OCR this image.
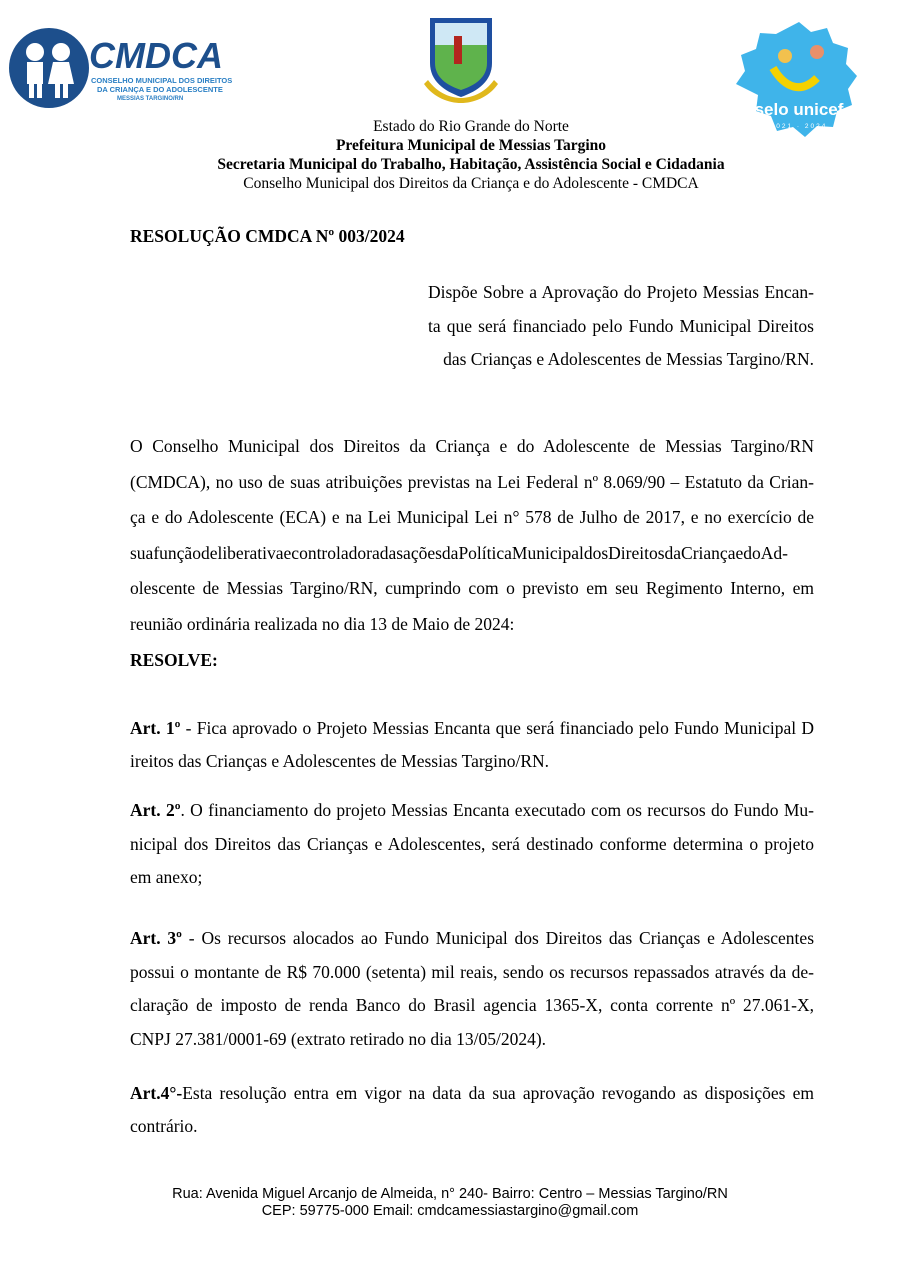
CMDCA
CONSELHO MUNICIPAL DOS DIREITOS
DA CRIANÇA E DO ADOLESCENTE
MESSIAS TARGINO/RN
selo unicef
2021 · 2024
Estado do Rio Grande do Norte
Prefeitura Municipal de Messias Targino
Secretaria Municipal do Trabalho, Habitação, Assistência Social e Cidadania
Conselho Municipal dos Direitos da Criança e do Adolescente - CMDCA
RESOLUÇÃO CMDCA Nº 003/2024
Dispõe Sobre a Aprovação do Projeto Messias Encan-
ta que será financiado pelo Fundo Municipal Direitos
das Crianças e Adolescentes de Messias Targino/RN.
O Conselho Municipal dos Direitos da Criança e do Adolescente de Messias Targino/RN
(CMDCA), no uso de suas atribuições previstas na Lei Federal nº 8.069/90 – Estatuto da Crian-
ça e do Adolescente (ECA) e na Lei Municipal Lei n° 578 de Julho de 2017, e no exercício de
suafunçãodeliberativaecontroladoradasaçõesdaPolíticaMunicipaldosDireitosdaCriançaedoAd-
olescente de Messias Targino/RN, cumprindo com o previsto em seu Regimento Interno, em
reunião ordinária realizada no dia 13 de Maio de 2024:
RESOLVE:
Art. 1º - Fica aprovado o Projeto Messias Encanta que será financiado pelo Fundo Municipal D
ireitos das Crianças e Adolescentes de Messias Targino/RN.
Art. 2º. O financiamento do projeto Messias Encanta executado com os recursos do Fundo Mu-
nicipal dos Direitos das Crianças e Adolescentes, será destinado conforme determina o projeto
em anexo;
Art. 3º - Os recursos alocados ao Fundo Municipal dos Direitos das Crianças e Adolescentes
possui o montante de R$ 70.000 (setenta) mil reais, sendo os recursos repassados através da de-
claração de imposto de renda Banco do Brasil agencia 1365-X, conta corrente nº 27.061-X,
CNPJ 27.381/0001-69 (extrato retirado no dia 13/05/2024).
Art.4°-Esta resolução entra em vigor na data da sua aprovação revogando as disposições em
contrário.
Rua: Avenida Miguel Arcanjo de Almeida, n° 240- Bairro: Centro – Messias Targino/RN
CEP: 59775-000 Email: cmdcamessiastargino@gmail.com
